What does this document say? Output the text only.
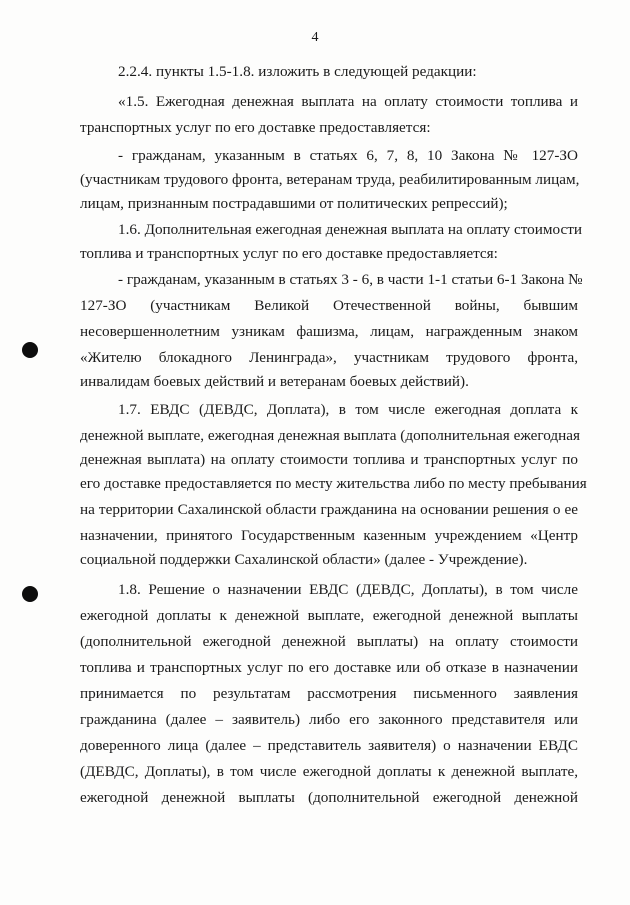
4
2.2.4. пункты 1.5-1.8. изложить в следующей редакции:
«1.5. Ежегодная денежная выплата на оплату стоимости топлива и
транспортных услуг по его доставке предоставляется:
- гражданам, указанным в статьях 6, 7, 8, 10 Закона № 127-ЗО
(участникам трудового фронта, ветеранам труда, реабилитированным лицам,
лицам, признанным пострадавшими от политических репрессий);
1.6. Дополнительная ежегодная денежная выплата на оплату стоимости
топлива и транспортных услуг по его доставке предоставляется:
- гражданам, указанным в статьях 3 - 6, в части 1-1 статьи 6-1 Закона №
127-ЗО (участникам Великой Отечественной войны, бывшим
несовершеннолетним узникам фашизма, лицам, награжденным знаком
«Жителю блокадного Ленинграда», участникам трудового фронта,
инвалидам боевых действий и ветеранам боевых действий).
1.7. ЕВДС (ДЕВДС, Доплата), в том числе ежегодная доплата к
денежной выплате, ежегодная денежная выплата (дополнительная ежегодная
денежная выплата) на оплату стоимости топлива и транспортных услуг по
его доставке предоставляется по месту жительства либо по месту пребывания
на территории Сахалинской области гражданина на основании решения о ее
назначении, принятого Государственным казенным учреждением «Центр
социальной поддержки Сахалинской области» (далее - Учреждение).
1.8. Решение о назначении ЕВДС (ДЕВДС, Доплаты), в том числе
ежегодной доплаты к денежной выплате, ежегодной денежной выплаты
(дополнительной ежегодной денежной выплаты) на оплату стоимости
топлива и транспортных услуг по его доставке или об отказе в назначении
принимается по результатам рассмотрения письменного заявления
гражданина (далее – заявитель) либо его законного представителя или
доверенного лица (далее – представитель заявителя) о назначении ЕВДС
(ДЕВДС, Доплаты), в том числе ежегодной доплаты к денежной выплате,
ежегодной денежной выплаты (дополнительной ежегодной денежной
